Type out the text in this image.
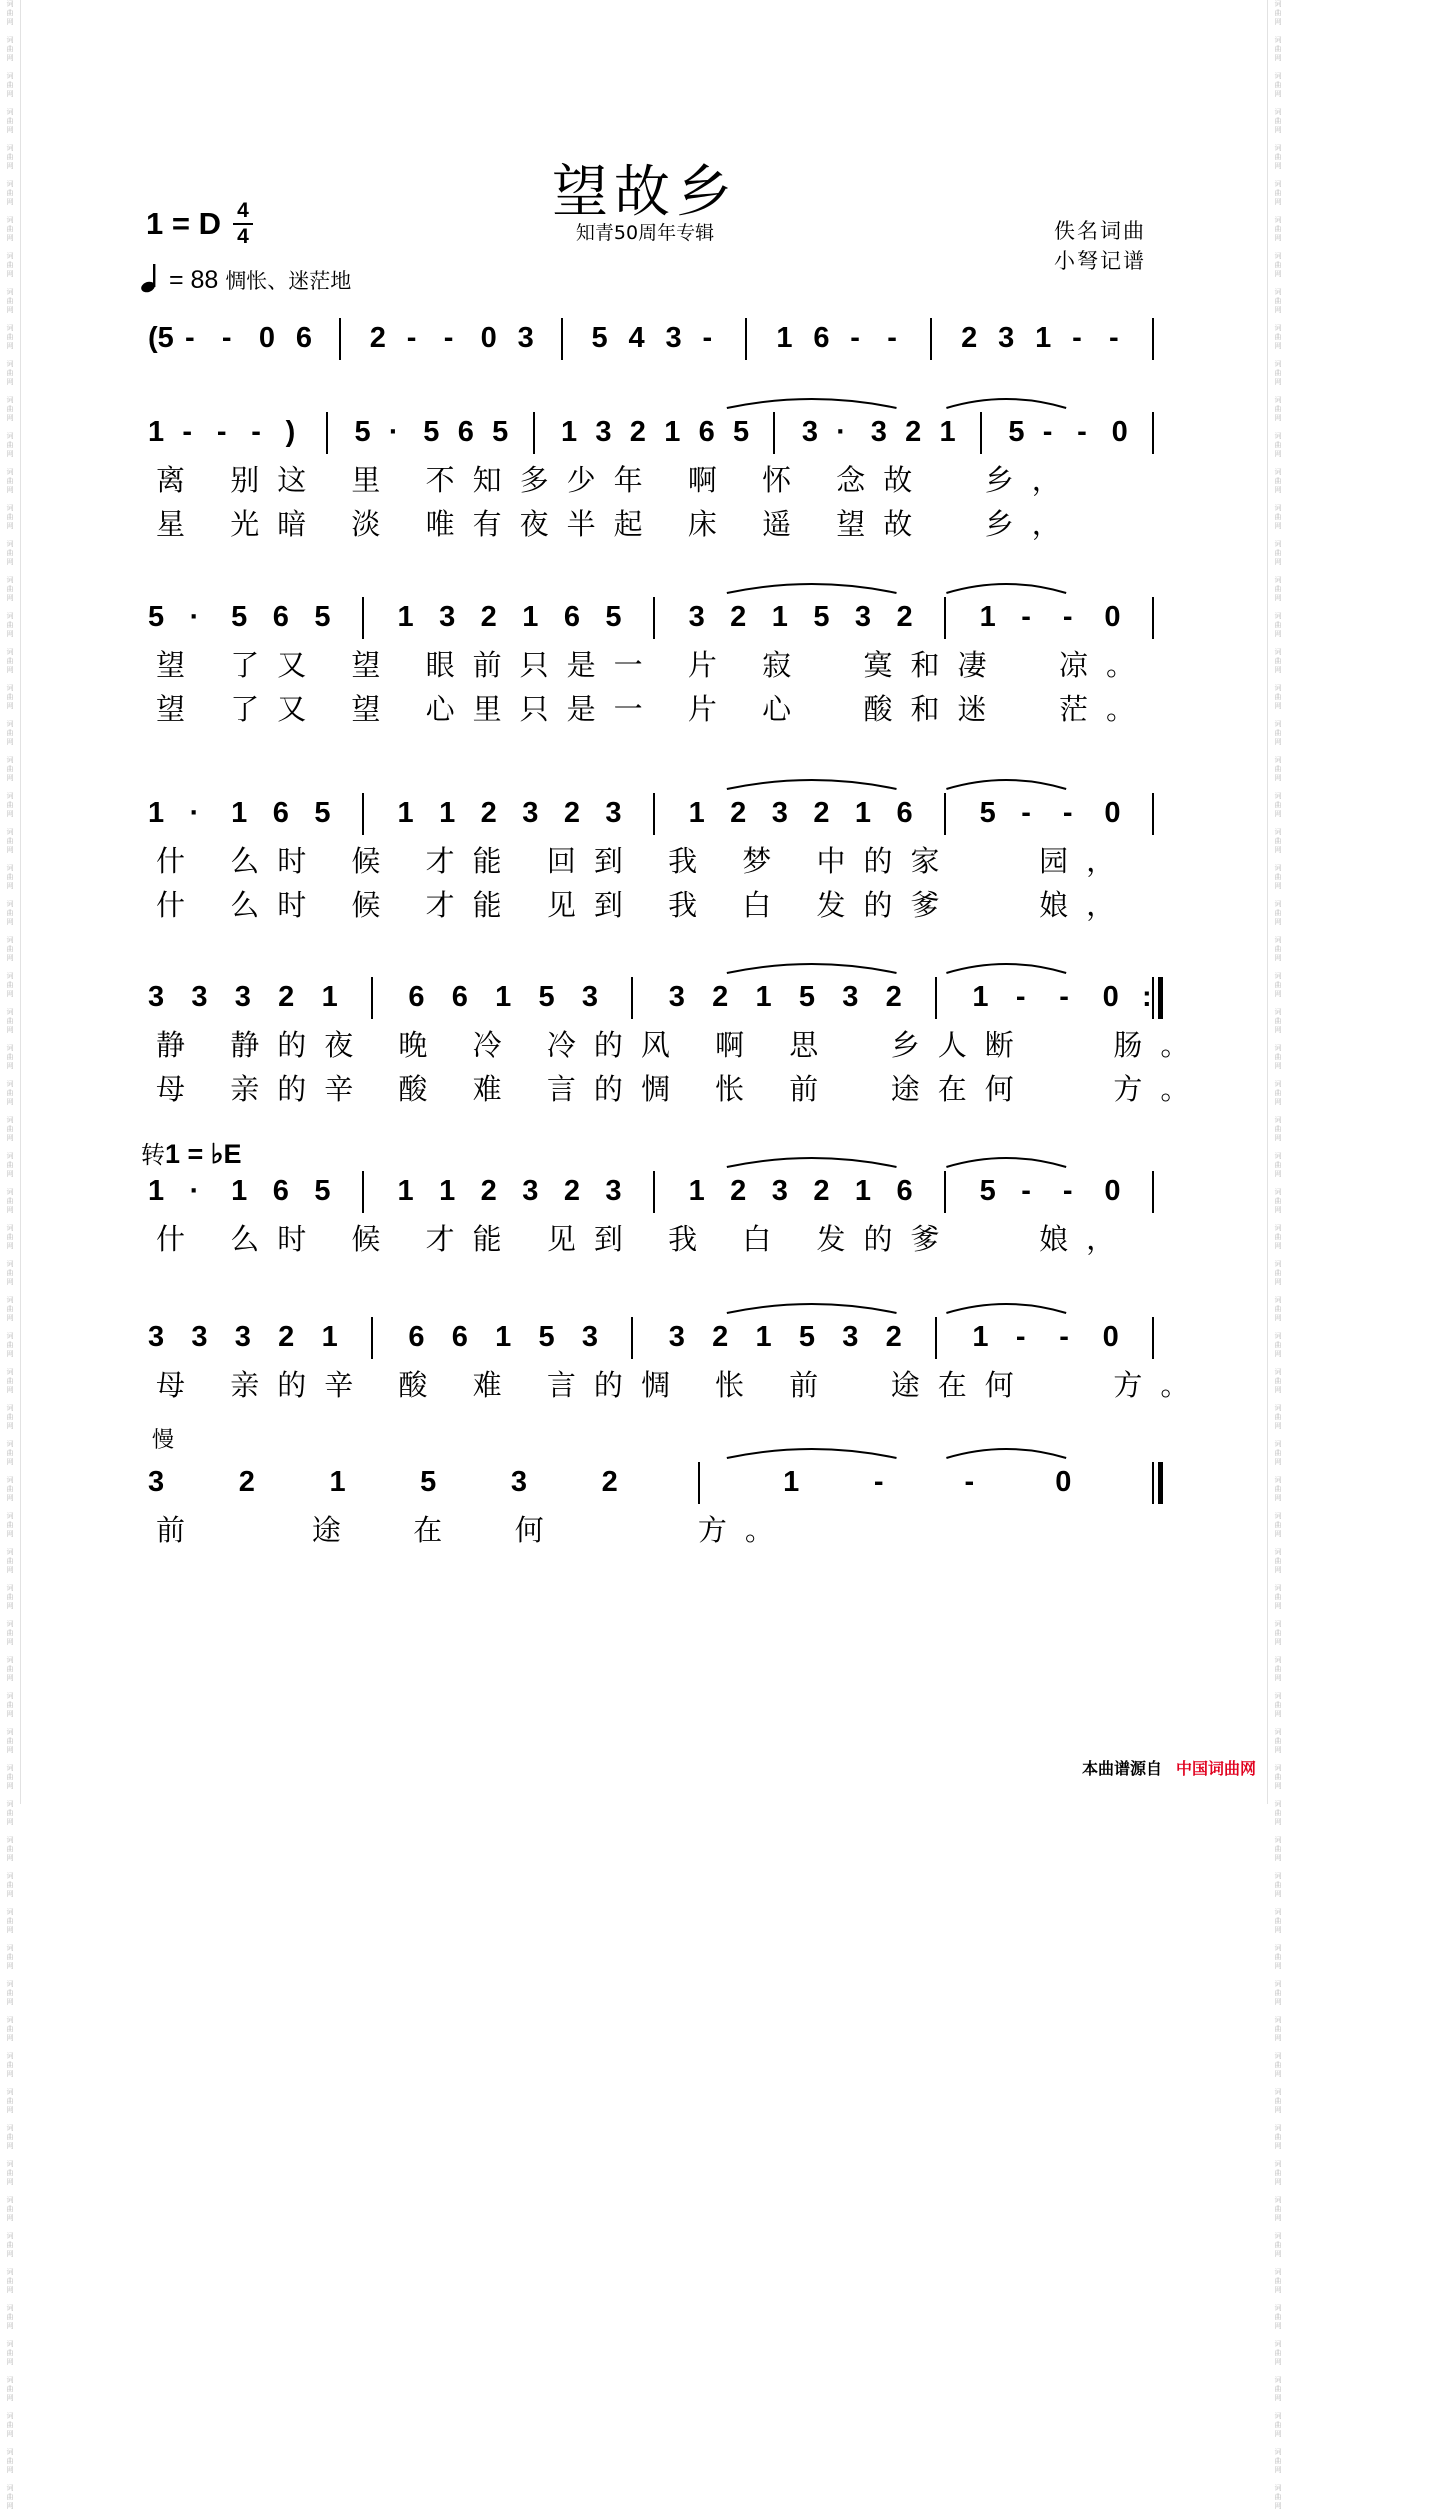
词
曲
网

词
曲
网

词
曲
网

词
曲
网

词
曲
网

词
曲
网

词
曲
网

词
曲
网

词
曲
网

词
曲
网

词
曲
网

词
曲
网

词
曲
网

词
曲
网

词
曲
网

词
曲
网

词
曲
网

词
曲
网

词
曲
网

词
曲
网

词
曲
网

词
曲
网

词
曲
网

词
曲
网

词
曲
网

词
曲
网

词
曲
网

词
曲
网

词
曲
网

词
曲
网

词
曲
网

词
曲
网

词
曲
网

词
曲
网

词
曲
网

词
曲
网

词
曲
网

词
曲
网

词
曲
网

词
曲
网

词
曲
网

词
曲
网

词
曲
网

词
曲
网

词
曲
网

词
曲
网

词
曲
网

词
曲
网

词
曲
网

词
曲
网

词
曲
网

词
曲
网

词
曲
网

词
曲
网

词
曲
网

词
曲
网

词
曲
网

词
曲
网

词
曲
网

词
曲
网

词
曲
网

词
曲
网

词
曲
网

词
曲
网

词
曲
网

词
曲
网

词
曲
网

词
曲
网

词
曲
网

词
曲
网

词
曲
网

词
曲
网

词
曲
网

词
曲
网

词
曲
网

词
曲
网

词
曲
网

词
曲
网

词
曲
网

词
曲
网

词
曲
网

词
曲
网

词
曲
网

词
曲
网

词
曲
网

词
曲
网

词
曲
网

词
曲
网

词
曲
网

词
曲
网

词
曲
网

词
曲
网

词
曲
网

词
曲
网

词
曲
网

词
曲
网

词
曲
网

词
曲
网

词
曲
网

词
曲
网

词
曲
网

词
曲
网

词
曲
网

词
曲
网

词
曲
网

词
曲
网

词
曲
网

词
曲
网

词
曲
网

词
曲
网

词
曲
网

词
曲
网

词
曲
网

词
曲
网

词
曲
网

词
曲
网

词
曲
网

词
曲
网

词
曲
网

词
曲
网

词
曲
网

词
曲
网

词
曲
网

词
曲
网

词
曲
网

词
曲
网

词
曲
网

词
曲
网

词
曲
网

词
曲
网

词
曲
网

词
曲
网

词
曲
网

词
曲
网

词
曲
网

词
曲
网

词
曲
网

词
曲
网

词
曲
网

词
曲
网

望故乡
知青50周年专辑
1 = D 4
4
= 88 惆怅、迷茫地
佚名词曲
小弩记谱
(5 - - 0 6 2 - - 0 3 5 4 3 - 1 6 - - 2 3 1 - -
1 - - - ) 5 · 5 6 5 1 3 2 1 6 5 3 · 3 2 1 5 - - 0
离 别这 里 不知多少年 啊 怀 念故  乡，
星 光暗 淡 唯有夜半起 床 遥 望故  乡，
5 · 5 6 5 1 3 2 1 6 5 3 2 1 5 3 2 1 - - 0
望 了又 望 眼前只是一 片 寂  寞和凄  凉。
望 了又 望 心里只是一 片 心  酸和迷  茫。
1 · 1 6 5 1 1 2 3 2 3 1 2 3 2 1 6 5 - - 0
什 么时 候 才能 回到 我 梦 中的家   园，
什 么时 候 才能 见到 我 白 发的爹   娘，
3 3 3 2 1 6 6 1 5 3 3 2 1 5 3 2 1 - - 0 :
静 静的夜 晚 冷 冷的风 啊 思  乡人断   肠。
母 亲的辛 酸 难 言的惆 怅 前  途在何   方。
1 · 1 6 5 1 1 2 3 2 3 1 2 3 2 1 6 5 - - 0
什 么时 候 才能 见到 我 白 发的爹   娘，
3 3 3 2 1 6 6 1 5 3 3 2 1 5 3 2 1 - - 0
母 亲的辛 酸 难 言的惆 怅 前  途在何   方。
3	2	1	5	3	2	1	-	-	0
前    途  在  何     方。
转1 = ♭E
慢
本曲谱源自 中国词曲网
